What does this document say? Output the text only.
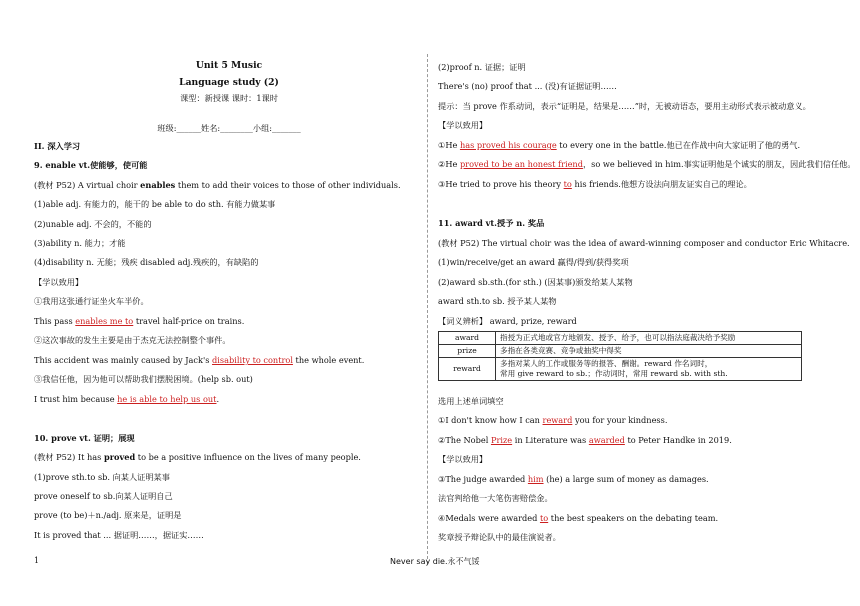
Unit 5 Music
Language study (2)
课型：新授课 课时：1课时
班级:______姓名:________小组:_______
II. 深入学习
9. enable vt.使能够，使可能
(教材 P52) A virtual choir enables them to add their voices to those of other individuals.
(1)able adj. 有能力的，能干的 be able to do sth. 有能力做某事
(2)unable adj. 不会的，不能的
(3)ability n. 能力；才能
(4)disability n. 无能；残疾 disabled adj.残疾的，有缺陷的
【学以致用】
①我用这张通行证坐火车半价。
This pass enables me to travel half-price on trains.
②这次事故的发生主要是由于杰克无法控制整个事件。
This accident was mainly caused by Jack's disability to control the whole event.
③我信任他，因为他可以帮助我们摆脱困境。(help sb. out)
I trust him because he is able to help us out.
10. prove vt. 证明；展现
(教材 P52) It has proved to be a positive influence on the lives of many people.
(1)prove sth.to sb. 向某人证明某事
prove oneself to sb.向某人证明自己
prove (to be)＋n./adj. 原来是，证明是
It is proved that ... 据证明……，据证实……
(2)proof n. 证据；证明
There's (no) proof that ... (没)有证据证明……
提示：当 prove 作系动词，表示“证明是，结果是……”时，无被动语态，要用主动形式表示被动意义。
【学以致用】
①He has proved his courage to every one in the battle.他已在作战中向大家证明了他的勇气.
②He proved to be an honest friend，so we believed in him.事实证明他是个诚实的朋友，因此我们信任他。
③He tried to prove his theory to his friends.他想方设法向朋友证实自己的理论。
11. award vt.授予 n. 奖品
(教材 P52) The virtual choir was the idea of award-winning composer and conductor Eric Whitacre.
(1)win/receive/get an award 赢得/得到/获得奖项
(2)award sb.sth.(for sth.) (因某事)颁发给某人某物
award sth.to sb. 授予某人某物
【词义辨析】 award, prize, reward
award	指授为正式地或官方地颁发、授予、给予，也可以指法庭裁决给予奖励
prize	多指在各类竞赛、竞争或抽奖中得奖
reward	多指对某人的工作或服务等的报答、酬谢。reward 作名词时，
常用 give reward to sb.；作动词时，常用 reward sb. with sth.
选用上述单词填空
①I don't know how I can reward you for your kindness.
②The Nobel Prize in Literature was awarded to Peter Handke in 2019.
【学以致用】
③The judge awarded him (he) a large sum of money as damages.
法官判给他一大笔伤害赔偿金。
④Medals were awarded to the best speakers on the debating team.
奖章授予辩论队中的最佳演说者。
1	Never say die.永不气馁
